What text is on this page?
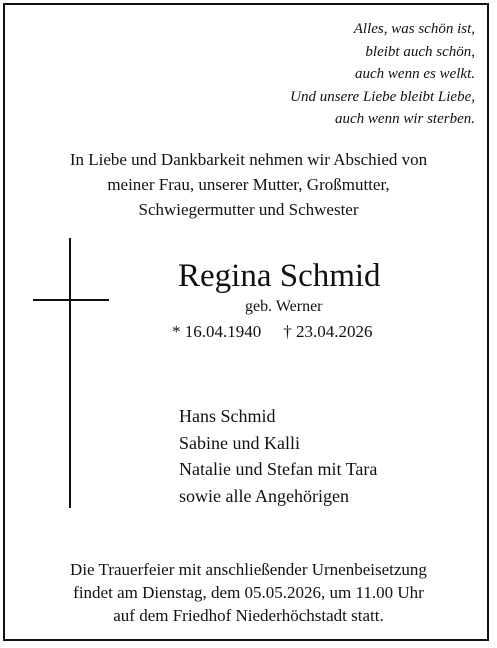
Alles, was schön ist,
bleibt auch schön,
auch wenn es welkt.
Und unsere Liebe bleibt Liebe,
auch wenn wir sterben.
In Liebe und Dankbarkeit nehmen wir Abschied von
meiner Frau, unserer Mutter, Großmutter,
Schwiegermutter und Schwester
Regina Schmid
geb. Werner
* 16.04.1940 † 23.04.2026
Hans Schmid
Sabine und Kalli
Natalie und Stefan mit Tara
sowie alle Angehörigen
Die Trauerfeier mit anschließender Urnenbeisetzung
findet am Dienstag, dem 05.05.2026, um 11.00 Uhr
auf dem Friedhof Niederhöchstadt statt.
